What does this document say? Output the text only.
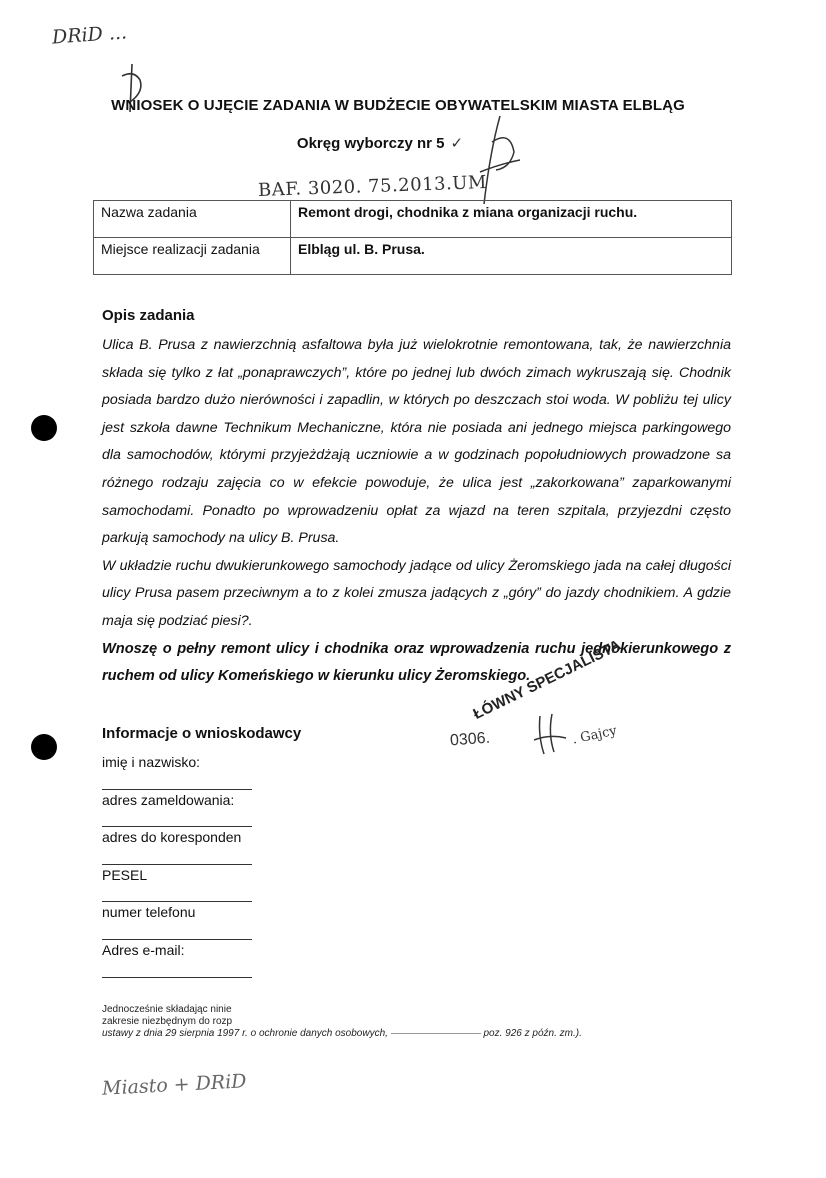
DRiD ...
WNIOSEK O UJĘCIE ZADANIA W BUDŻECIE OBYWATELSKIM MIASTA ELBLĄG
Okręg wyborczy nr 5 ✓
BAF. 3020. 75.2013.UM
Nazwa zadania	Remont drogi, chodnika z miana organizacji ruchu.
Miejsce realizacji zadania	Elbląg ul. B. Prusa.
Opis zadania

Ulica B. Prusa z nawierzchnią asfaltowa była już wielokrotnie remontowana, tak, że nawierzchnia składa się tylko z łat „ponaprawczych”, które po jednej lub dwóch zimach wykruszają się. Chodnik posiada bardzo dużo nierówności i zapadlin, w których po deszczach stoi woda. W pobliżu tej ulicy jest szkoła dawne Technikum Mechaniczne, która nie posiada ani jednego miejsca parkingowego dla samochodów, którymi przyjeżdżają uczniowie a w godzinach popołudniowych prowadzone sa różnego rodzaju zajęcia co w efekcie powoduje, że ulica jest „zakorkowana” zaparkowanymi samochodami. Ponadto po wprowadzeniu opłat za wjazd na teren szpitala, przyjezdni często parkują samochody na ulicy B. Prusa.

W układzie ruchu dwukierunkowego samochody jadące od ulicy Żeromskiego jada na całej długości ulicy Prusa pasem przeciwnym a to z kolei zmusza jadących z „góry” do jazdy chodnikiem. A gdzie maja się podziać piesi?.

Wnoszę o pełny remont ulicy i chodnika oraz wprowadzenia ruchu jednokierunkowego z ruchem od ulicy Komeńskiego w kierunku ulicy Żeromskiego.

Informacje o wnioskodawcy	0306.
ŁÓWNY SPECJALISTA
. Gajcy
imię i nazwisko:
adres zameldowania:
adres do koresponden
PESEL
numer telefonu
Adres e-mail:
Jednocześnie składając ninie
zakresie niezbędnym do rozp
ustawy z dnia 29 sierpnia 1997 r. o ochronie danych osobowych,	poz. 926 z późn. zm.).
Miasto + DRiD
